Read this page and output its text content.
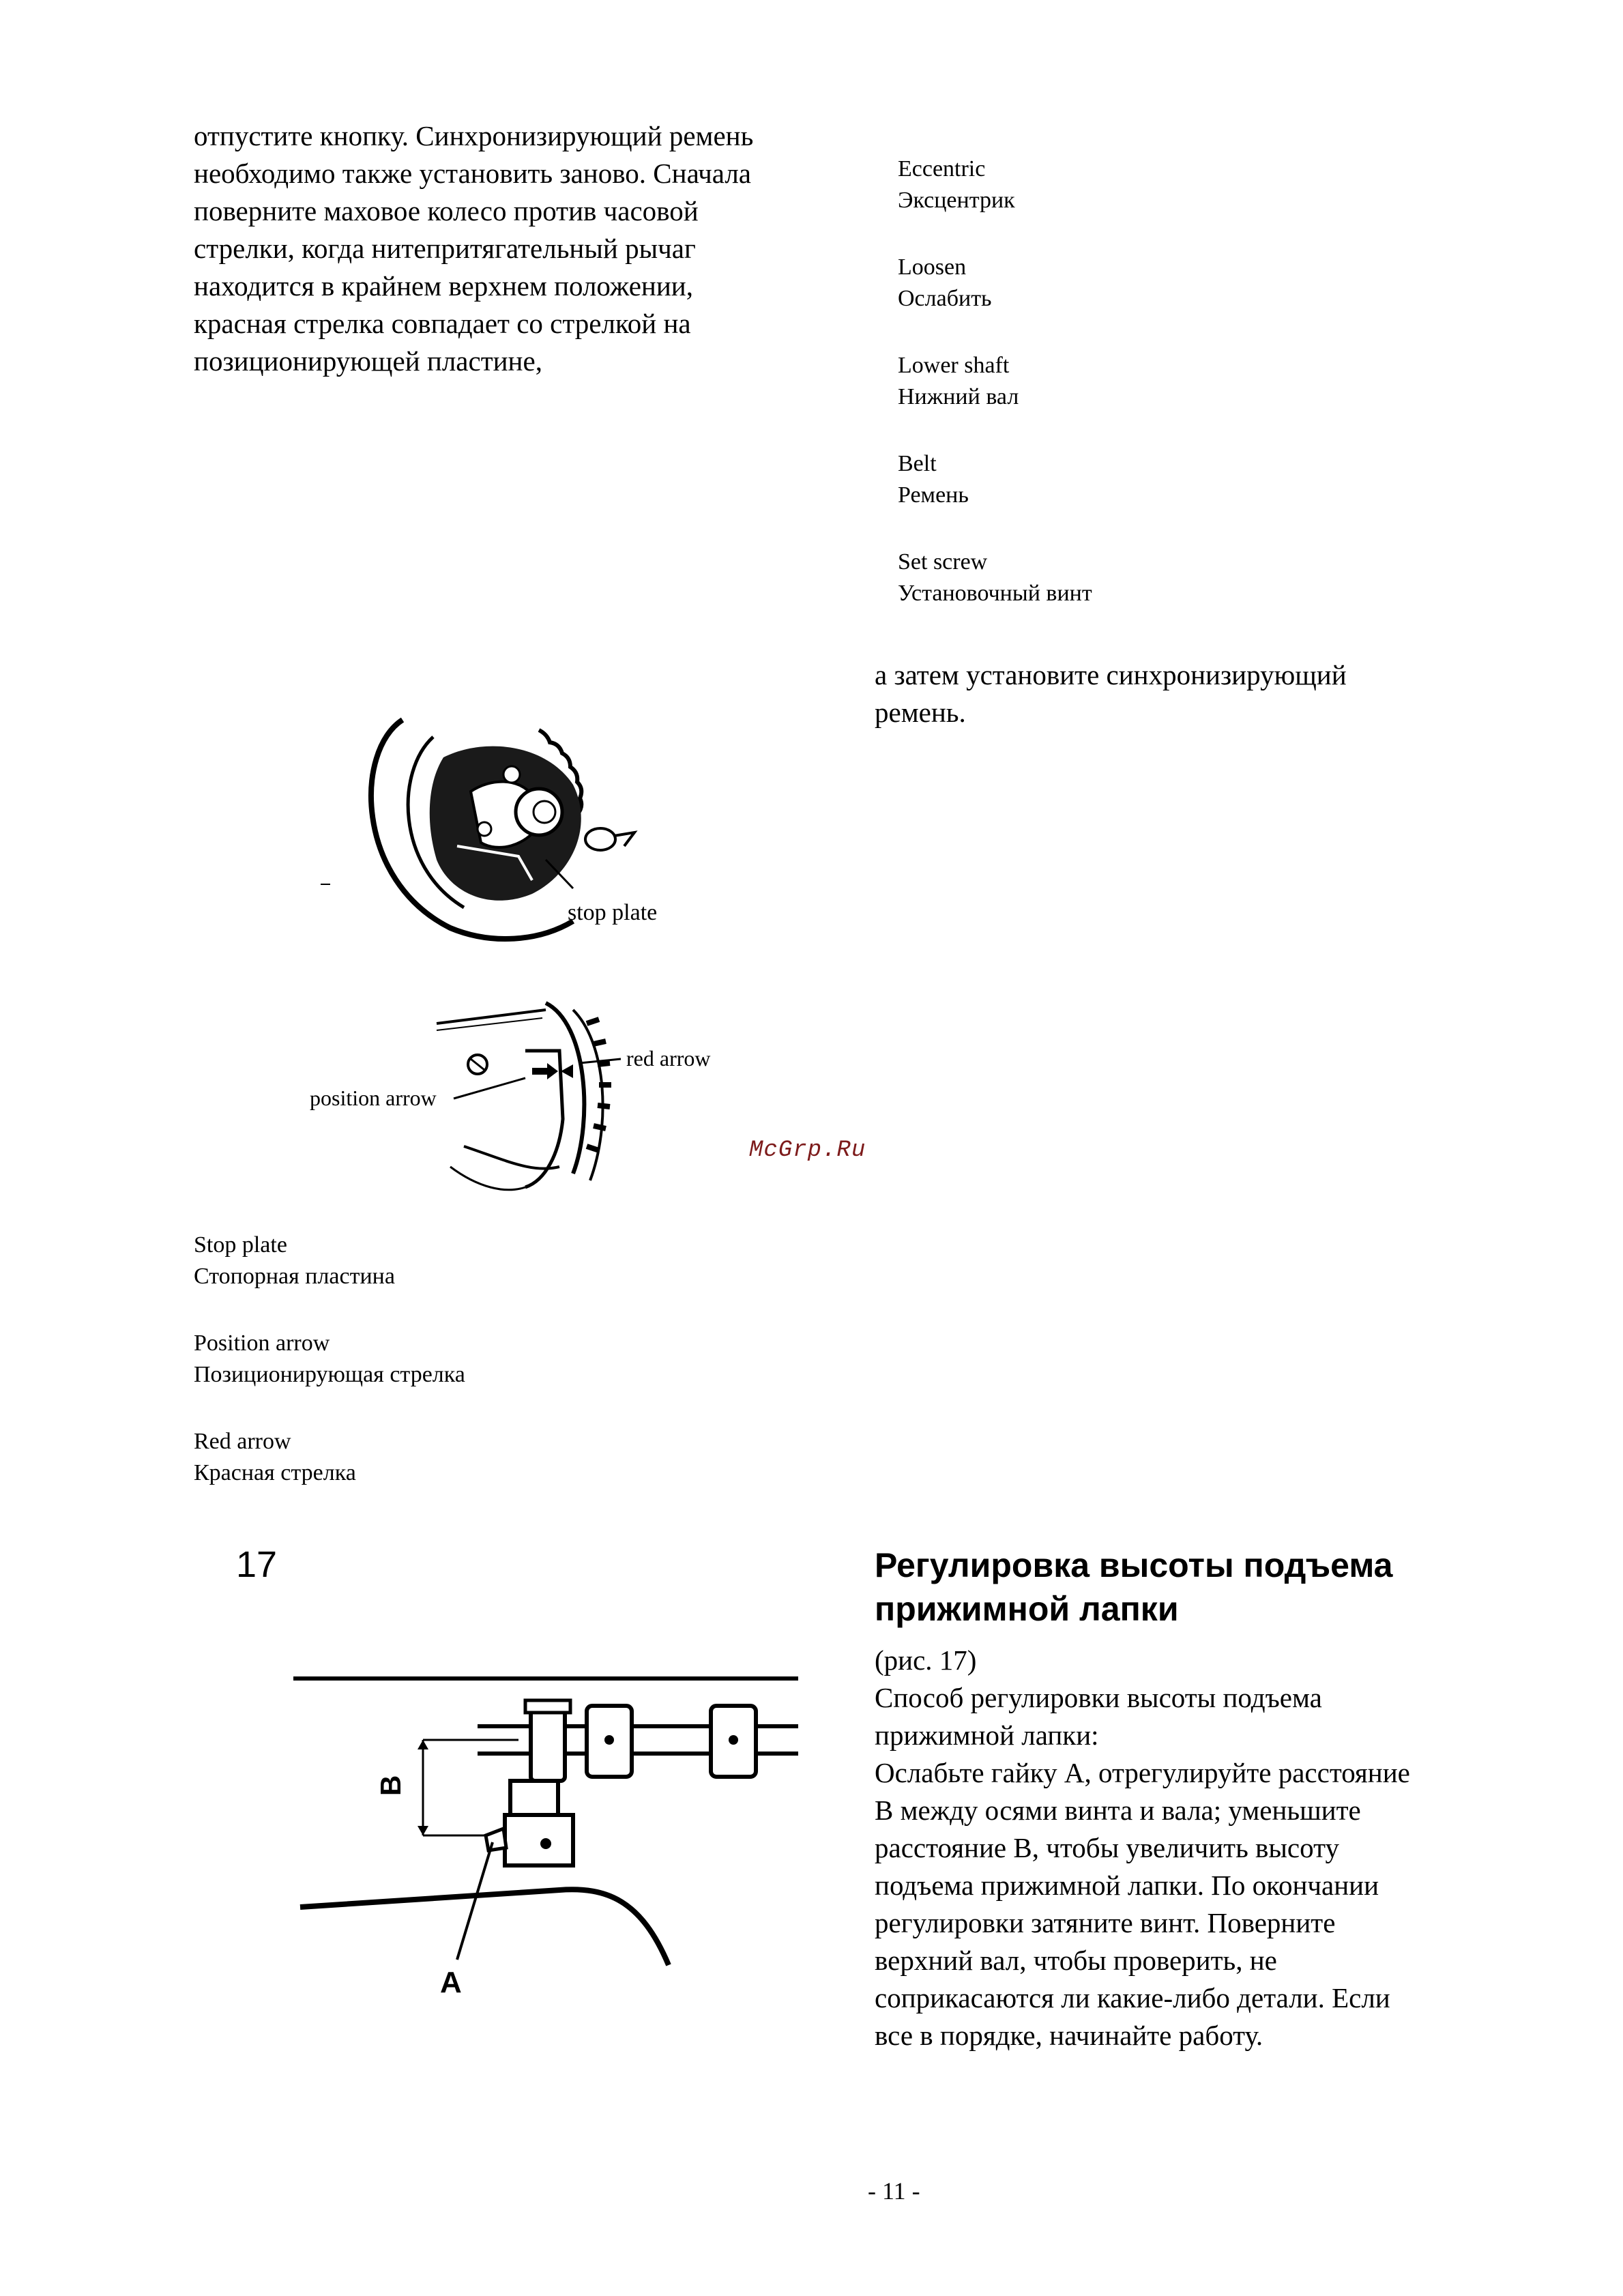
отпустите кнопку. Синхронизирующий ремень

необходимо также установить заново. Сначала

поверните маховое колесо против часовой

стрелки, когда нитепритягательный рычаг

находится в крайнем верхнем положении,

красная стрелка совпадает со стрелкой на

позиционирующей пластине,

Eccentric
Эксцентрик
Loosen
Ослабить
Lower shaft
Нижний вал
Belt
Ремень
Set screw
Установочный винт

а затем установите синхронизирующий

ремень.

stop plate
red arrow
position arrow
McGrp.Ru
Stop plate
Стопорная пластина
Position arrow
Позиционирующая стрелка
Red arrow
Красная стрелка
17
B
A
Регулировка высоты подъема
прижимной лапки

(рис. 17)

Способ регулировки высоты подъема

прижимной лапки:

Ослабьте гайку А, отрегулируйте расстояние

В между осями винта и вала; уменьшите

расстояние В, чтобы увеличить высоту

подъема прижимной лапки. По окончании

регулировки затяните винт. Поверните

верхний вал, чтобы проверить, не

соприкасаются ли какие-либо детали. Если

все в порядке, начинайте работу.

- 11 -
